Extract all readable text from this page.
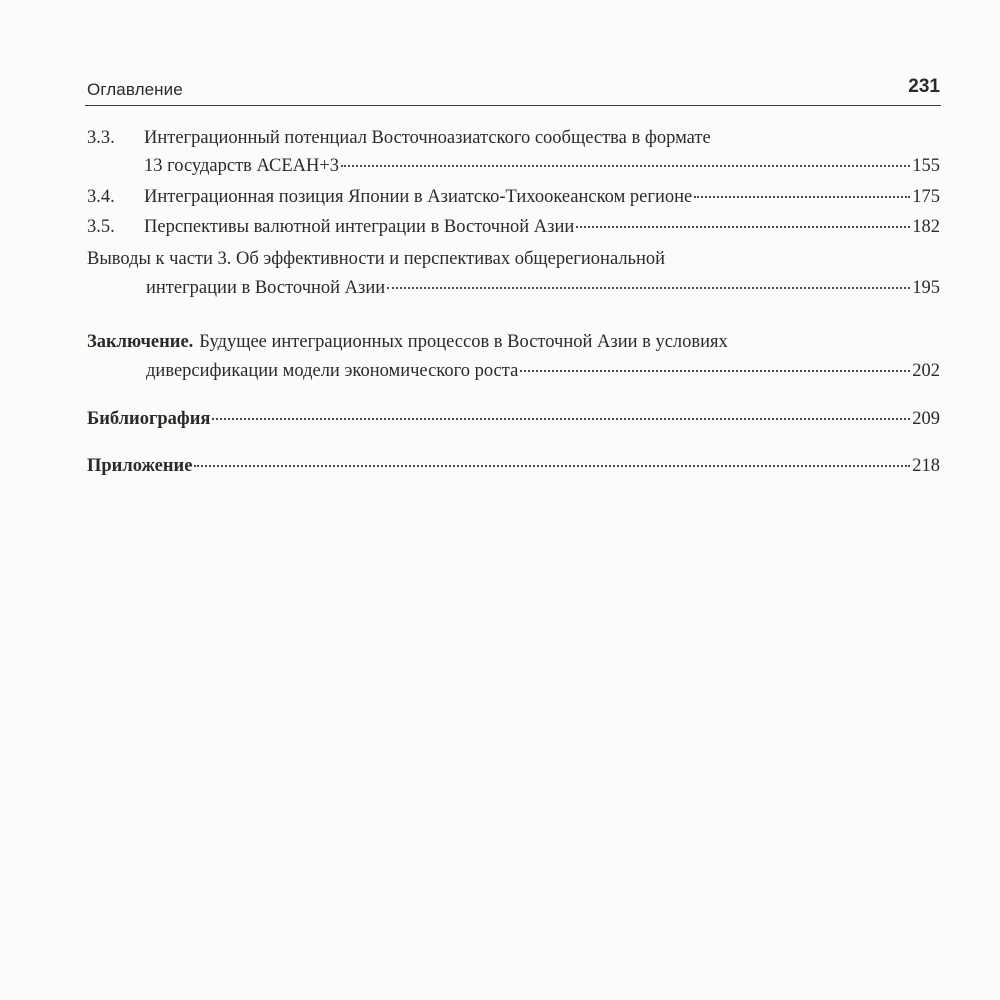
Оглавление	231
3.3.	Интеграционный потенциал Восточноазиатского сообщества в формате
13 государств АСЕАН+3	155
3.4.	Интеграционная позиция Японии в Азиатско-Тихоокеанском регионе	175
3.5.	Перспективы валютной интеграции в Восточной Азии	182
Выводы к части 3. Об эффективности и перспективах общерегиональной
интеграции в Восточной Азии	195
Заключение. Будущее интеграционных процессов в Восточной Азии в условиях
диверсификации модели экономического роста	202
Библиография	209
Приложение	218
